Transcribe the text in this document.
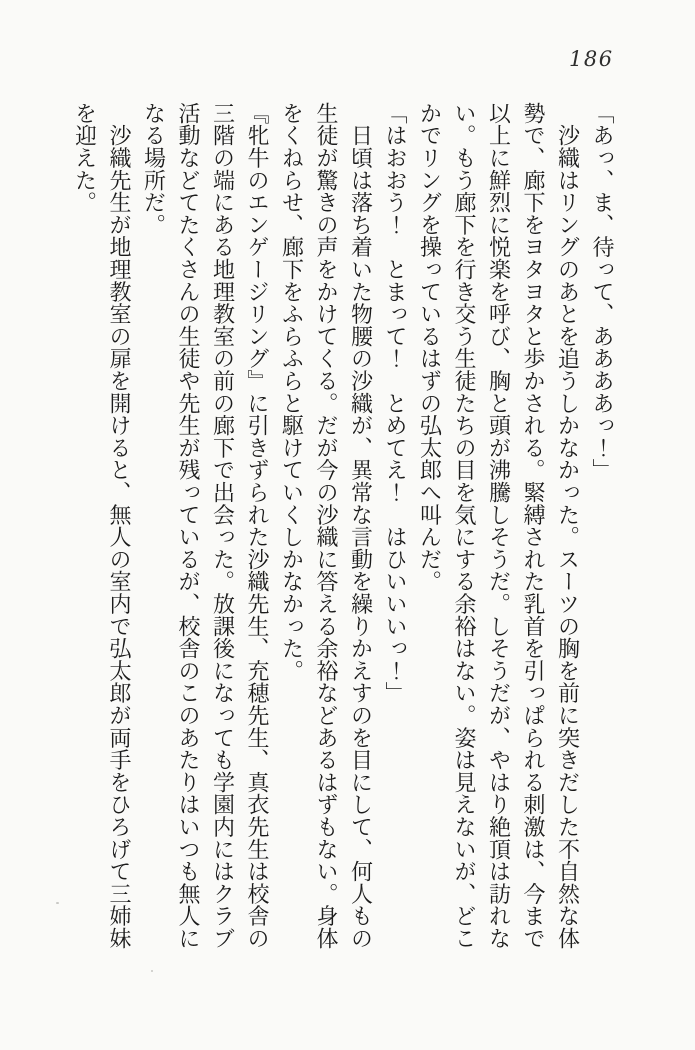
186
「あっ、ま、待って、ああああっ！」
　沙織はリングのあとを追うしかなかった。スーツの胸を前に突きだした不自然な体
勢で、廊下をヨタヨタと歩かされる。緊縛された乳首を引っぱられる刺激は、今まで
以上に鮮烈に悦楽を呼び、胸と頭が沸騰しそうだ。しそうだが、やはり絶頂は訪れな
い。もう廊下を行き交う生徒たちの目を気にする余裕はない。姿は見えないが、どこ
かでリングを操っているはずの弘太郎へ叫んだ。
「はおおう！　とまって！　とめてえ！　はひいいいっ！」
　日頃は落ち着いた物腰の沙織が、異常な言動を繰りかえすのを目にして、何人もの
生徒が驚きの声をかけてくる。だが今の沙織に答える余裕などあるはずもない。身体
をくねらせ、廊下をふらふらと駆けていくしかなかった。
『牝牛のエンゲージリング』に引きずられた沙織先生、充穂先生、真衣先生は校舎の
三階の端にある地理教室の前の廊下で出会った。放課後になっても学園内にはクラブ
活動などてたくさんの生徒や先生が残っているが、校舎のこのあたりはいつも無人に
なる場所だ。
　沙織先生が地理教室の扉を開けると、無人の室内で弘太郎が両手をひろげて三姉妹
を迎えた。
